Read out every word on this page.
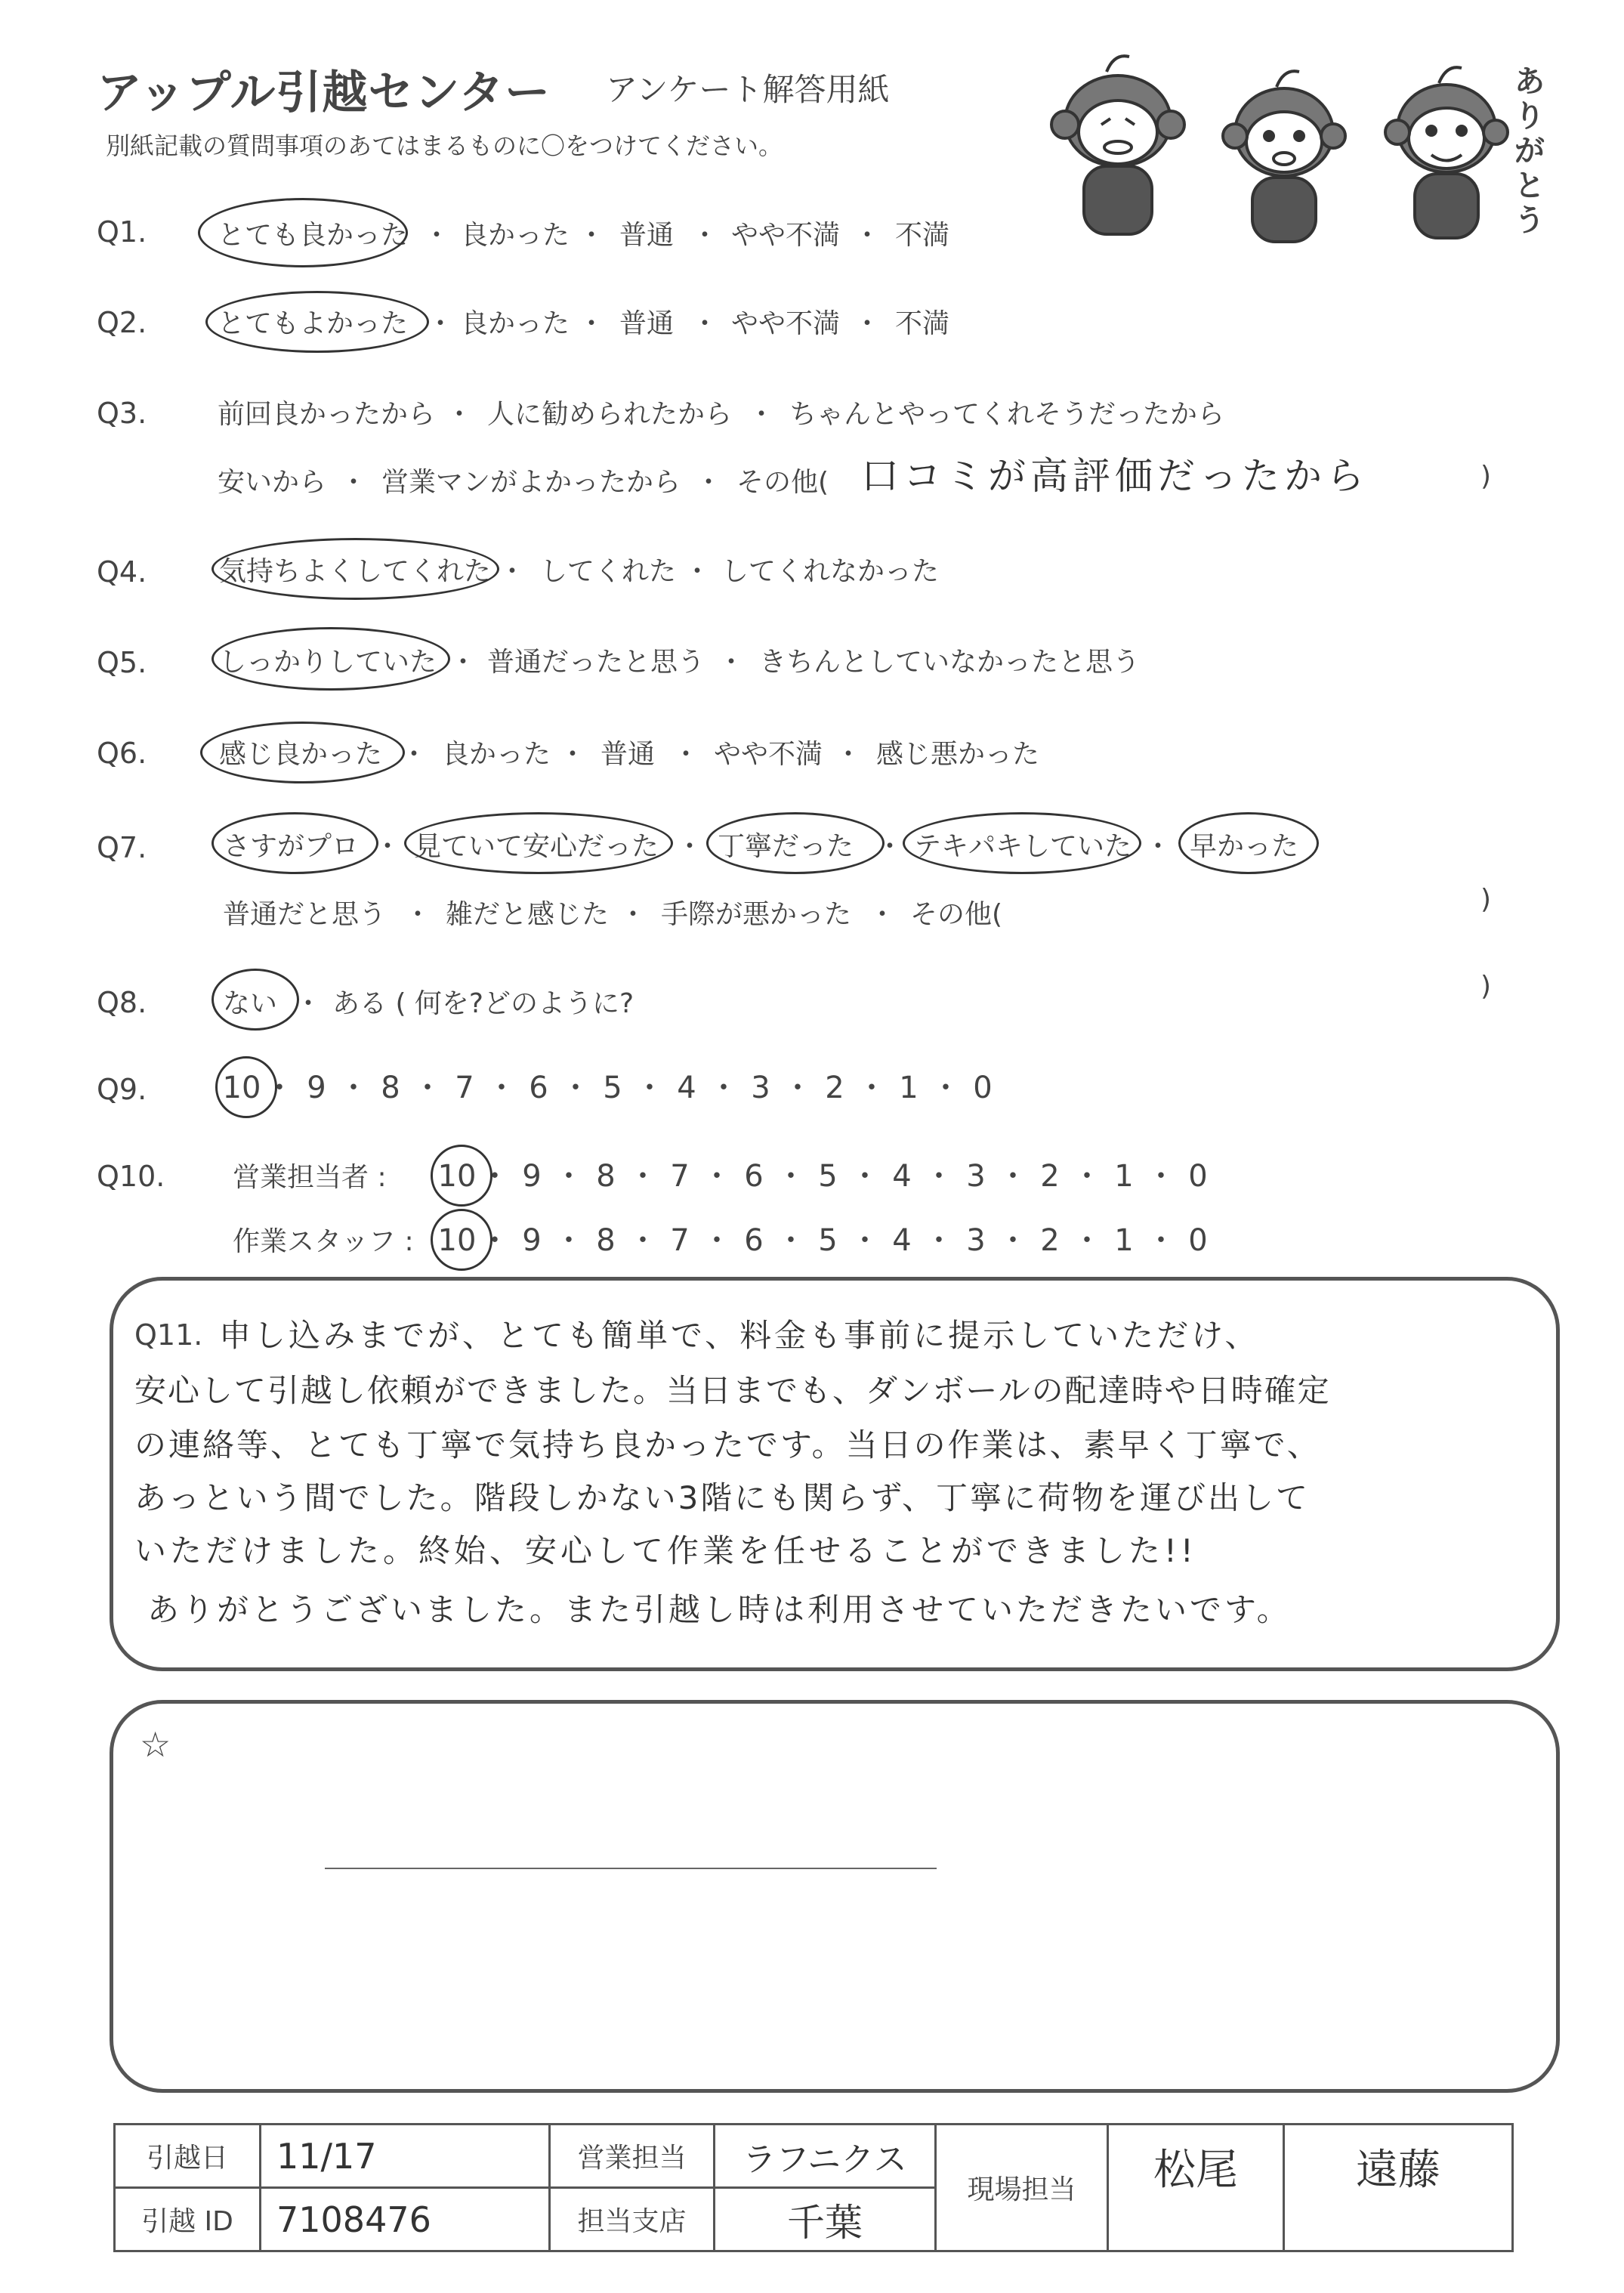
アップル引越センター アンケート解答用紙
別紙記載の質問事項のあてはまるものに〇をつけてください。
ありがとう
Q1.	とても良かった ・ 良かった ・ 普通 ・ やや不満 ・ 不満
Q2.	とてもよかった ・ 良かった ・ 普通 ・ やや不満 ・ 不満
Q3.	前回良かったから ・ 人に勧められたから ・ ちゃんとやってくれそうだったから
安いから ・ 営業マンがよかったから ・ その他( 口コミが高評価だったから	)
Q4.	気持ちよくしてくれた ・ してくれた ・ してくれなかった
Q5.	しっかりしていた ・ 普通だったと思う ・ きちんとしていなかったと思う
Q6.	感じ良かった ・ 良かった ・ 普通 ・ やや不満 ・ 感じ悪かった
Q7.	さすがプロ ・ 見ていて安心だった ・ 丁寧だった ・ テキパキしていた ・ 早かった
普通だと思う ・ 雑だと感じた ・ 手際が悪かった ・ その他(	)
Q8.	ない ・ ある ( 何を?どのように?
)
Q9.	10 ・ 9 ・ 8 ・ 7 ・ 6 ・ 5 ・ 4 ・ 3 ・ 2 ・ 1 ・ 0
Q10. 営業担当者 : 10 ・ 9 ・ 8 ・ 7 ・ 6 ・ 5 ・ 4 ・ 3 ・ 2 ・ 1 ・ 0
作業スタッフ : 10 ・ 9 ・ 8 ・ 7 ・ 6 ・ 5 ・ 4 ・ 3 ・ 2 ・ 1 ・ 0
Q11. 申し込みまでが、とても簡単で、料金も事前に提示していただけ、
安心して引越し依頼ができました。当日までも、ダンボールの配達時や日時確定
の連絡等、とても丁寧で気持ち良かったです。当日の作業は、素早く丁寧で、
あっという間でした。階段しかない3階にも関らず、丁寧に荷物を運び出して
いただけました。終始、安心して作業を任せることができました!!
ありがとうございました。また引越し時は利用させていただきたいです。
☆
引越日	11/17	営業担当	ラフニクス	現場担当	松尾	遠藤
引越 ID	7108476	担当支店	千葉			
